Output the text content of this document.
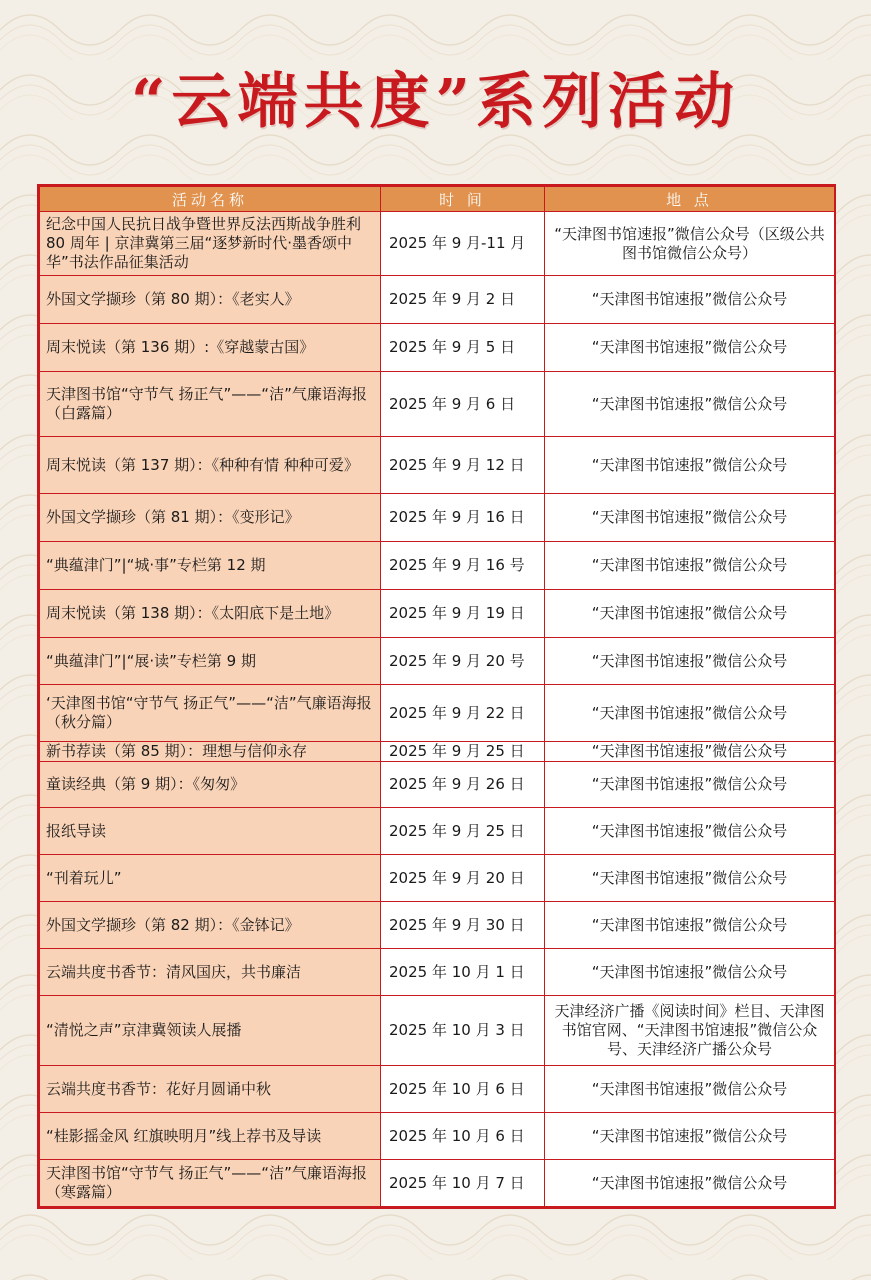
“云端共度”系列活动
活动名称	时 间	地 点
纪念中国人民抗日战争暨世界反法西斯战争胜利 80 周年 | 京津冀第三届“逐梦新时代·墨香颂中华”书法作品征集活动	2025 年 9 月-11 月	“天津图书馆速报”微信公众号（区级公共图书馆微信公众号）
外国文学撷珍（第 80 期）：《老实人》	2025 年 9 月 2 日	“天津图书馆速报”微信公众号
周末悦读（第 136 期）:《穿越蒙古国》	2025 年 9 月 5 日	“天津图书馆速报”微信公众号
天津图书馆“守节气 扬正气”——“洁”气廉语海报（白露篇）	2025 年 9 月 6 日	“天津图书馆速报”微信公众号
周末悦读（第 137 期）：《种种有情 种种可爱》	2025 年 9 月 12 日	“天津图书馆速报”微信公众号
外国文学撷珍（第 81 期）：《变形记》	2025 年 9 月 16 日	“天津图书馆速报”微信公众号
“典蕴津门”|“城·事”专栏第 12 期	2025 年 9 月 16 号	“天津图书馆速报”微信公众号
周末悦读（第 138 期）：《太阳底下是土地》	2025 年 9 月 19 日	“天津图书馆速报”微信公众号
“典蕴津门”|“展·读”专栏第 9 期	2025 年 9 月 20 号	“天津图书馆速报”微信公众号
‘天津图书馆“守节气 扬正气”——“洁”气廉语海报（秋分篇）	2025 年 9 月 22 日	“天津图书馆速报”微信公众号
新书荐读（第 85 期）：理想与信仰永存	2025 年 9 月 25 日	“天津图书馆速报”微信公众号
童读经典（第 9 期）：《匆匆》	2025 年 9 月 26 日	“天津图书馆速报”微信公众号
报纸导读	2025 年 9 月 25 日	“天津图书馆速报”微信公众号
“刊着玩儿”	2025 年 9 月 20 日	“天津图书馆速报”微信公众号
外国文学撷珍（第 82 期）：《金钵记》	2025 年 9 月 30 日	“天津图书馆速报”微信公众号
云端共度书香节：清风国庆，共书廉洁	2025 年 10 月 1 日	“天津图书馆速报”微信公众号
“清悦之声”京津冀领读人展播	2025 年 10 月 3 日	天津经济广播《阅读时间》栏目、天津图书馆官网、“天津图书馆速报”微信公众号、天津经济广播公众号
云端共度书香节：花好月圆诵中秋	2025 年 10 月 6 日	“天津图书馆速报”微信公众号
“桂影摇金风 红旗映明月”线上荐书及导读	2025 年 10 月 6 日	“天津图书馆速报”微信公众号
天津图书馆“守节气 扬正气”——“洁”气廉语海报（寒露篇）	2025 年 10 月 7 日	“天津图书馆速报”微信公众号
